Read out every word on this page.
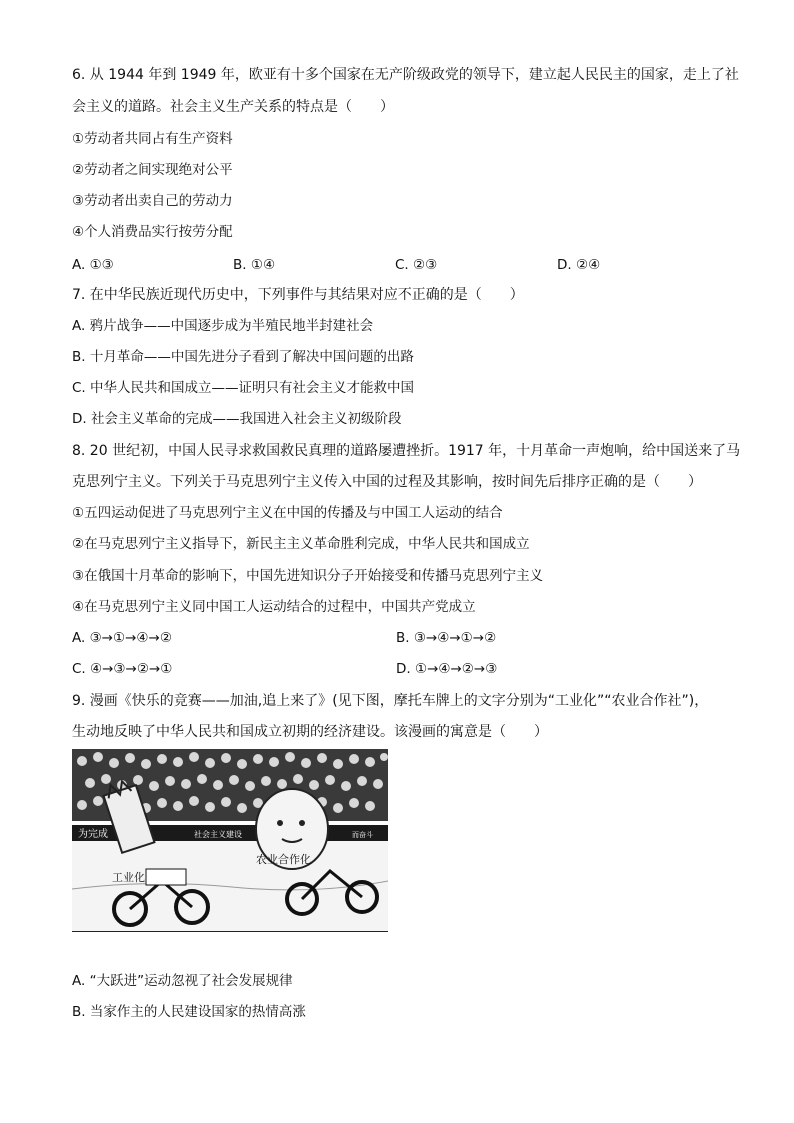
6. 从 1944 年到 1949 年，欧亚有十多个国家在无产阶级政党的领导下，建立起人民民主的国家，走上了社
会主义的道路。社会主义生产关系的特点是（　　）
①劳动者共同占有生产资料
②劳动者之间实现绝对公平
③劳动者出卖自己的劳动力
④个人消费品实行按劳分配
A. ①③	B. ①④	C. ②③	D. ②④
7. 在中华民族近现代历史中，下列事件与其结果对应不正确的是（　　）
A. 鸦片战争——中国逐步成为半殖民地半封建社会
B. 十月革命——中国先进分子看到了解决中国问题的出路
C. 中华人民共和国成立——证明只有社会主义才能救中国
D. 社会主义革命的完成——我国进入社会主义初级阶段
8. 20 世纪初，中国人民寻求救国救民真理的道路屡遭挫折。1917 年，十月革命一声炮响，给中国送来了马
克思列宁主义。下列关于马克思列宁主义传入中国的过程及其影响，按时间先后排序正确的是（　　）
①五四运动促进了马克思列宁主义在中国的传播及与中国工人运动的结合
②在马克思列宁主义指导下，新民主主义革命胜利完成，中华人民共和国成立
③在俄国十月革命的影响下，中国先进知识分子开始接受和传播马克思列宁主义
④在马克思列宁主义同中国工人运动结合的过程中，中国共产党成立
A. ③→①→④→②	B. ③→④→①→②
C. ④→③→②→①	D. ①→④→②→③
9. 漫画《快乐的竞赛——加油,追上来了》(见下图，摩托车牌上的文字分别为“工业化”“农业合作社”)，
生动地反映了中华人民共和国成立初期的经济建设。该漫画的寓意是（　　）
为完成	社会主义建设	而奋斗
工业化
农业合作化
A. “大跃进”运动忽视了社会发展规律
B. 当家作主的人民建设国家的热情高涨
